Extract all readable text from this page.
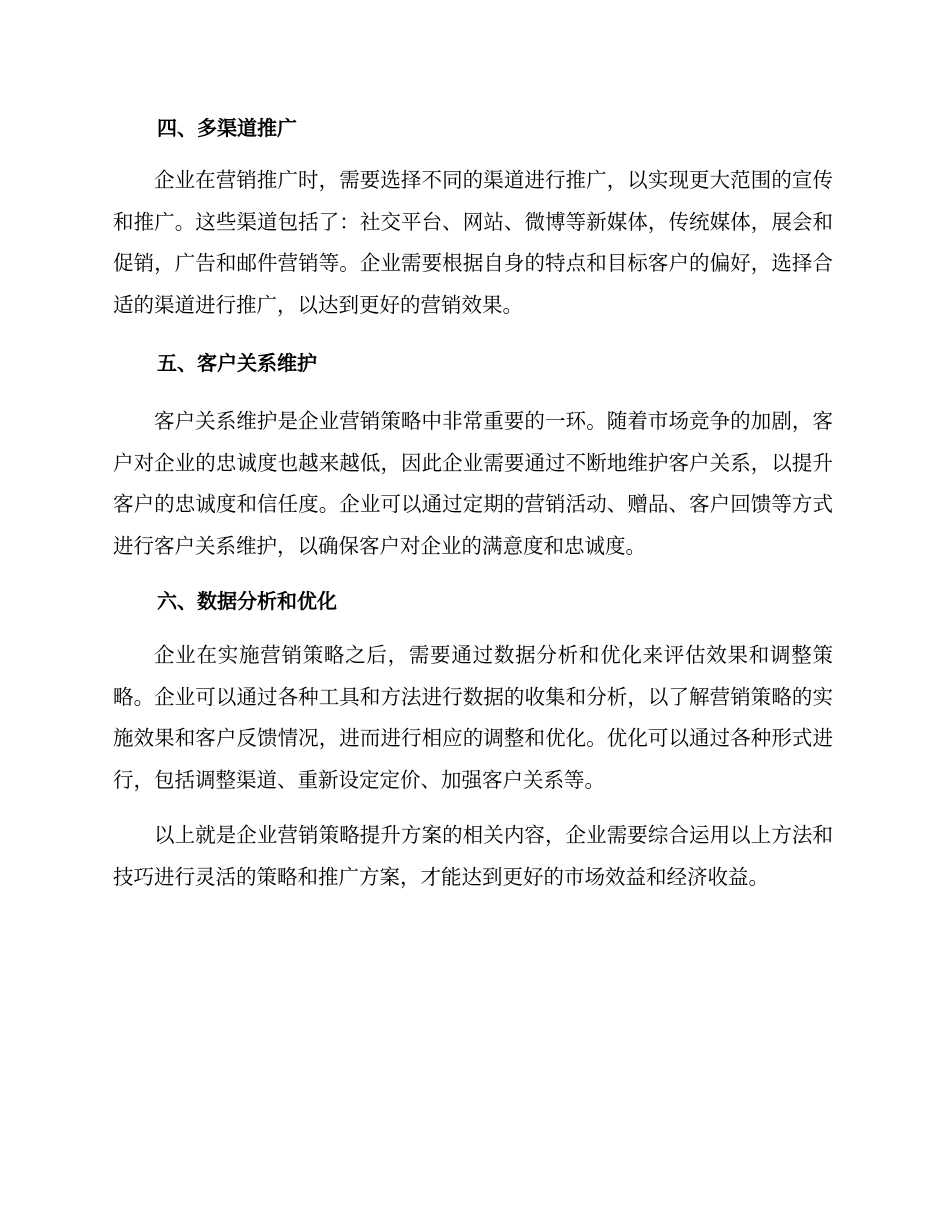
四、多渠道推广
企业在营销推广时，需要选择不同的渠道进行推广，以实现更大范围的宣传和推广。这些渠道包括了：社交平台、网站、微博等新媒体，传统媒体，展会和促销，广告和邮件营销等。企业需要根据自身的特点和目标客户的偏好，选择合适的渠道进行推广，以达到更好的营销效果。
五、客户关系维护
客户关系维护是企业营销策略中非常重要的一环。随着市场竞争的加剧，客户对企业的忠诚度也越来越低，因此企业需要通过不断地维护客户关系，以提升客户的忠诚度和信任度。企业可以通过定期的营销活动、赠品、客户回馈等方式进行客户关系维护，以确保客户对企业的满意度和忠诚度。
六、数据分析和优化
企业在实施营销策略之后，需要通过数据分析和优化来评估效果和调整策略。企业可以通过各种工具和方法进行数据的收集和分析，以了解营销策略的实施效果和客户反馈情况，进而进行相应的调整和优化。优化可以通过各种形式进行，包括调整渠道、重新设定定价、加强客户关系等。
以上就是企业营销策略提升方案的相关内容，企业需要综合运用以上方法和技巧进行灵活的策略和推广方案，才能达到更好的市场效益和经济收益。
